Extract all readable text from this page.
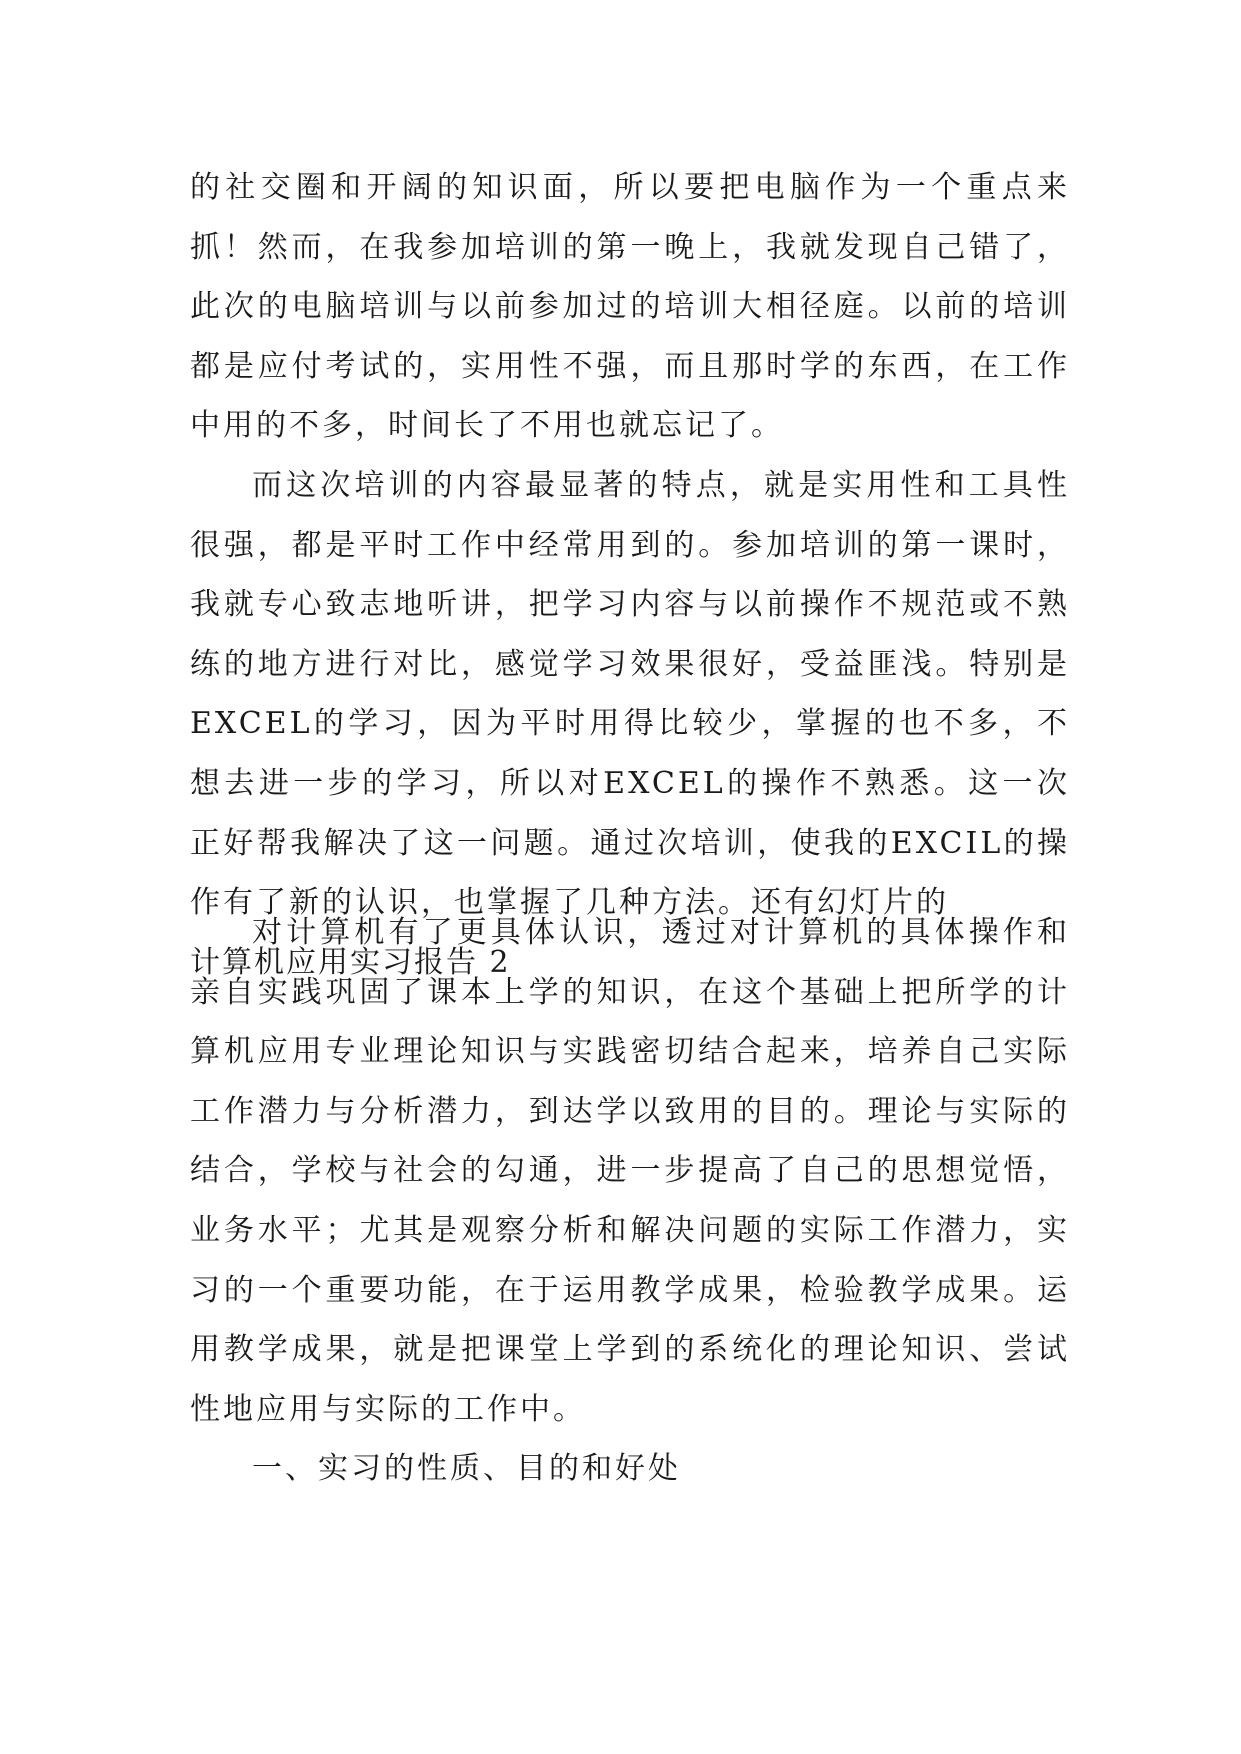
的社交圈和开阔的知识面，所以要把电脑作为一个重点来抓！然而，在我参加培训的第一晚上，我就发现自己错了，此次的电脑培训与以前参加过的培训大相径庭。以前的培训都是应付考试的，实用性不强，而且那时学的东西，在工作中用的不多，时间长了不用也就忘记了。

而这次培训的内容最显著的特点，就是实用性和工具性很强，都是平时工作中经常用到的。参加培训的第一课时，我就专心致志地听讲，把学习内容与以前操作不规范或不熟练的地方进行对比，感觉学习效果很好，受益匪浅。特别是EXCEL的学习，因为平时用得比较少，掌握的也不多，不想去进一步的学习，所以对EXCEL的操作不熟悉。这一次正好帮我解决了这一问题。通过次培训，使我的EXCIL的操作有了新的认识，也掌握了几种方法。还有幻灯片的

计算机应用实习报告 2

对计算机有了更具体认识，透过对计算机的具体操作和亲自实践巩固了课本上学的知识，在这个基础上把所学的计算机应用专业理论知识与实践密切结合起来，培养自己实际工作潜力与分析潜力，到达学以致用的目的。理论与实际的结合，学校与社会的勾通，进一步提高了自己的思想觉悟，业务水平；尤其是观察分析和解决问题的实际工作潜力，实习的一个重要功能，在于运用教学成果，检验教学成果。运用教学成果，就是把课堂上学到的系统化的理论知识、尝试性地应用与实际的工作中。

一、实习的性质、目的和好处
